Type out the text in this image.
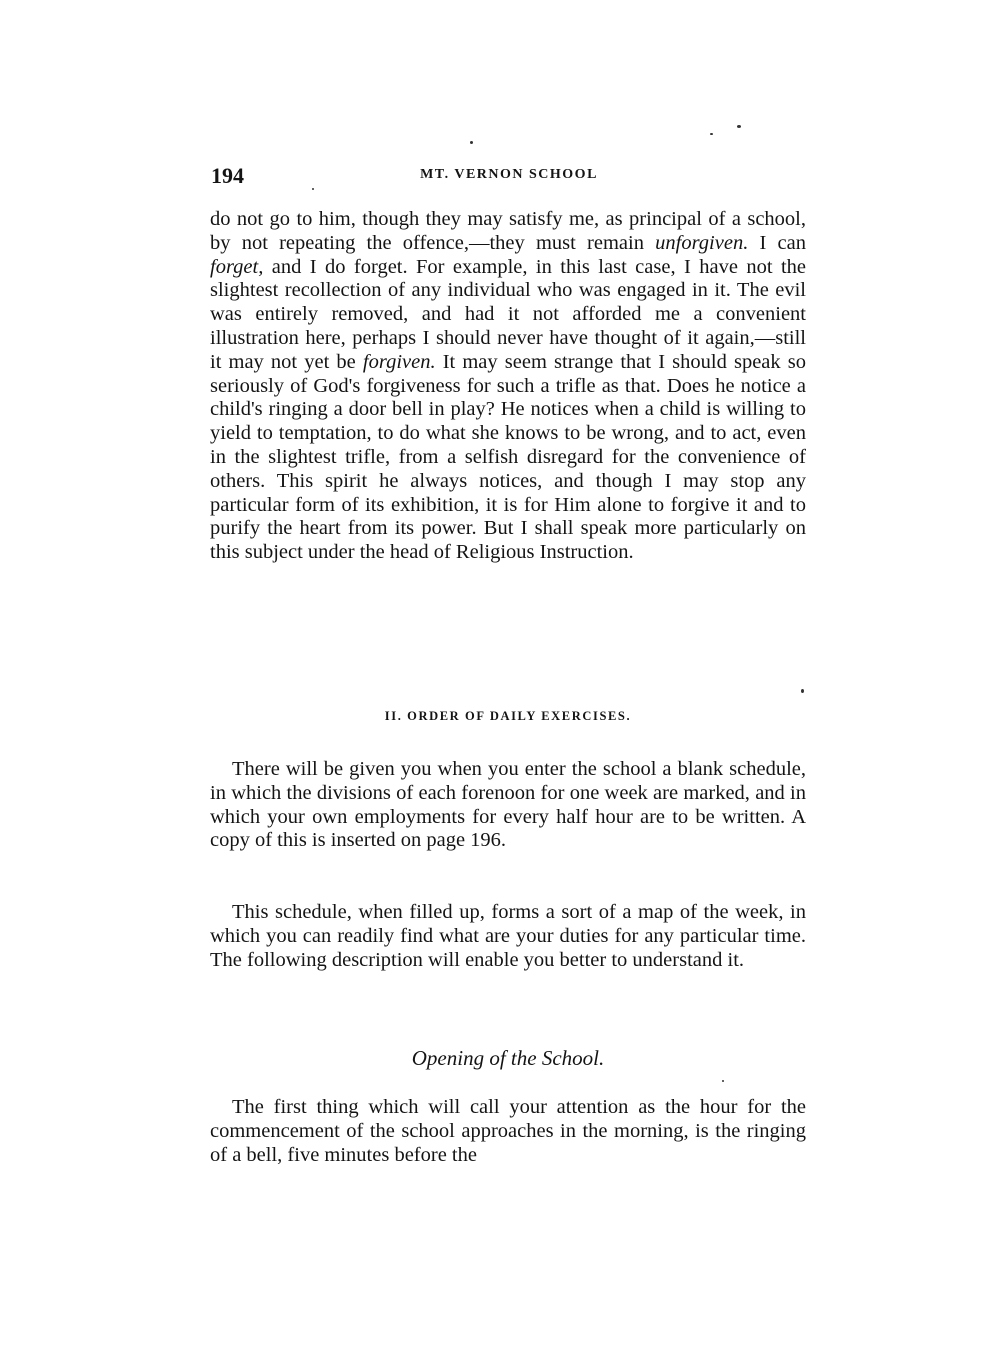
194	MT. VERNON SCHOOL

do not go to him, though they may satisfy me, as principal of a school, by not repeating the offence,—they must remain unforgiven. I can forget, and I do forget. For example, in this last case, I have not the slightest recollection of any individual who was engaged in it. The evil was entirely removed, and had it not afforded me a convenient illustration here, perhaps I should never have thought of it again,—still it may not yet be forgiven. It may seem strange that I should speak so seriously of God's forgiveness for such a trifle as that. Does he notice a child's ringing a door bell in play? He notices when a child is willing to yield to temptation, to do what she knows to be wrong, and to act, even in the slightest trifle, from a selfish disregard for the convenience of others. This spirit he always notices, and though I may stop any particular form of its exhibition, it is for Him alone to forgive it and to purify the heart from its power. But I shall speak more particularly on this subject under the head of Religious Instruction.

II. ORDER OF DAILY EXERCISES.

There will be given you when you enter the school a blank schedule, in which the divisions of each forenoon for one week are marked, and in which your own employments for every half hour are to be written. A copy of this is inserted on page 196.

This schedule, when filled up, forms a sort of a map of the week, in which you can readily find what are your duties for any particular time. The following description will enable you better to understand it.

Opening of the School.

The first thing which will call your attention as the hour for the commencement of the school approaches in the morning, is the ringing of a bell, five minutes before the
